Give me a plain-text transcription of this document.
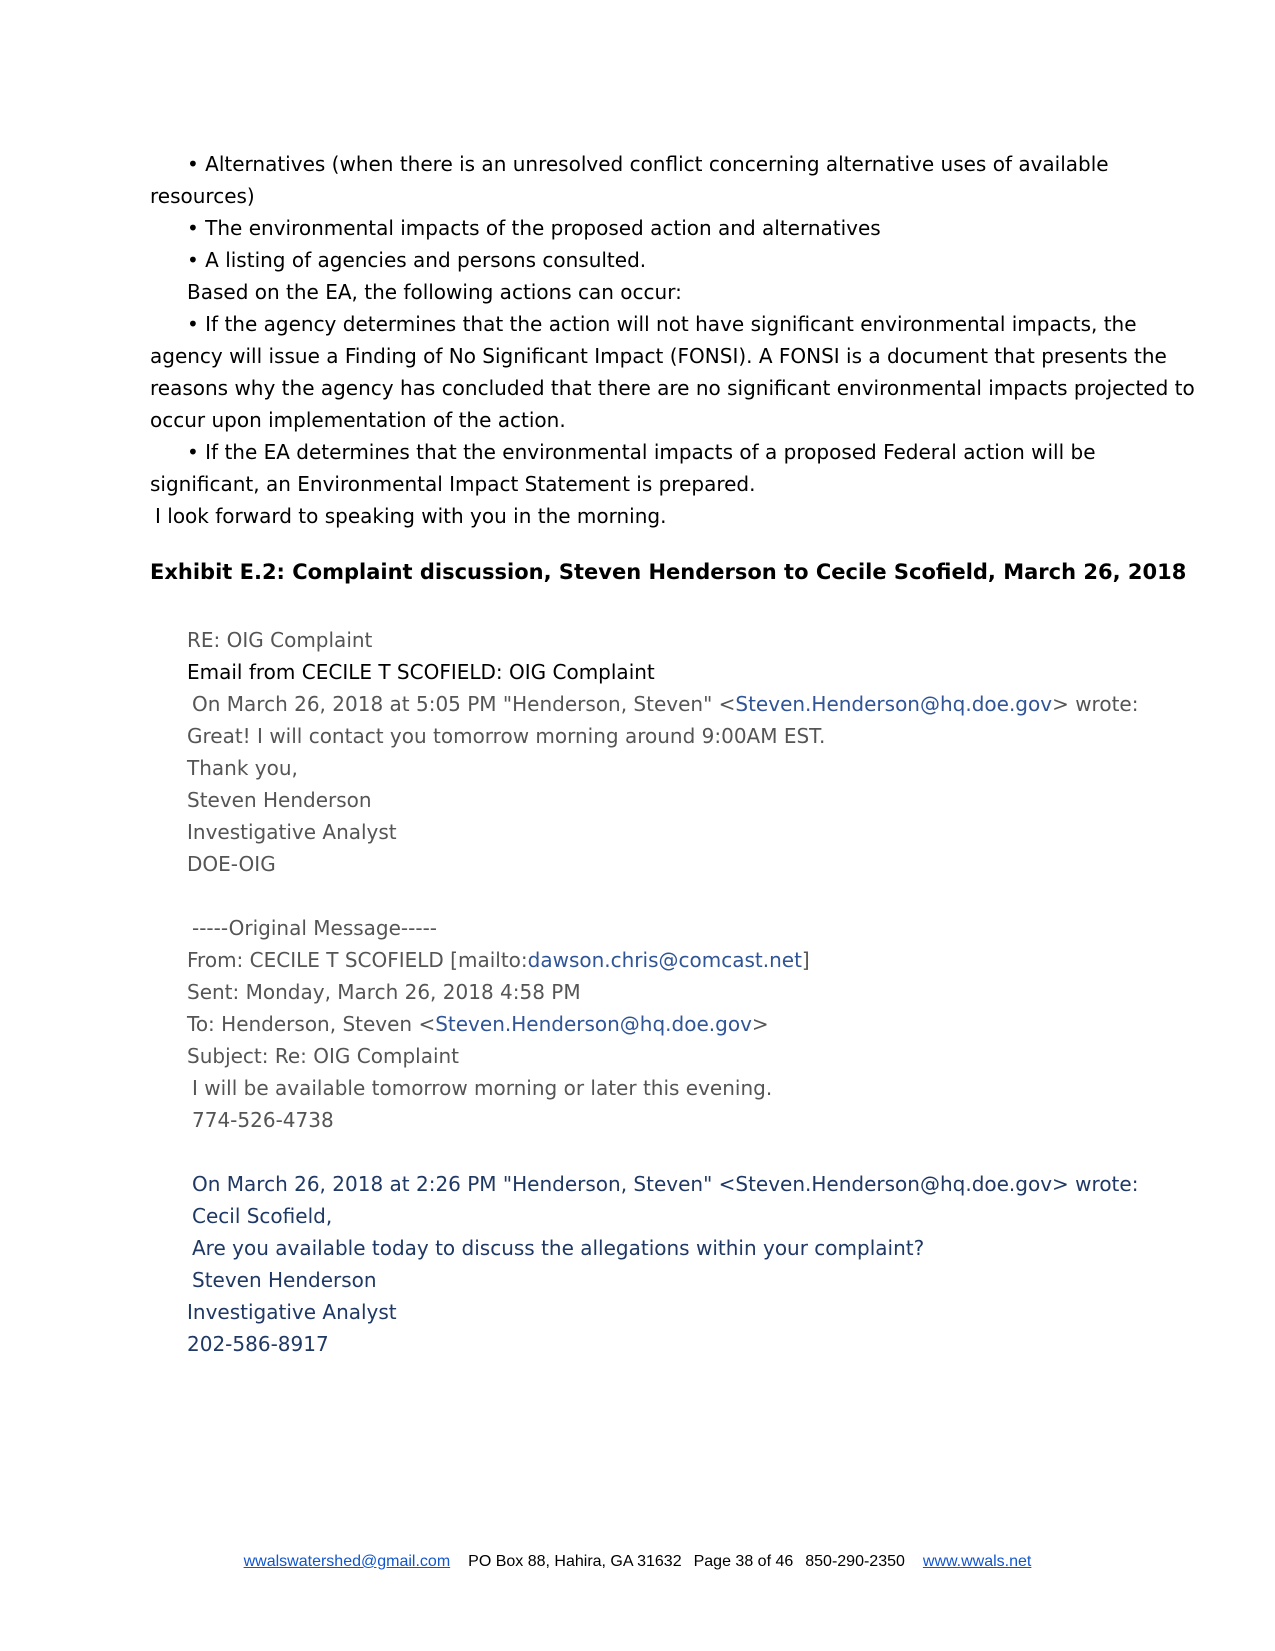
• Alternatives (when there is an unresolved conflict concerning alternative uses of available
resources)
• The environmental impacts of the proposed action and alternatives
• A listing of agencies and persons consulted.
Based on the EA, the following actions can occur:
• If the agency determines that the action will not have significant environmental impacts, the
agency will issue a Finding of No Significant Impact (FONSI). A FONSI is a document that presents the
reasons why the agency has concluded that there are no significant environmental impacts projected to
occur upon implementation of the action.
• If the EA determines that the environmental impacts of a proposed Federal action will be
significant, an Environmental Impact Statement is prepared.
I look forward to speaking with you in the morning.
Exhibit E.2: Complaint discussion, Steven Henderson to Cecile Scofield, March 26, 2018
RE: OIG Complaint
Email from CECILE T SCOFIELD: OIG Complaint
On March 26, 2018 at 5:05 PM "Henderson, Steven" <Steven.Henderson@hq.doe.gov> wrote:
Great! I will contact you tomorrow morning around 9:00AM EST.
Thank you,
Steven Henderson
Investigative Analyst
DOE-OIG
-----Original Message-----
From: CECILE T SCOFIELD [mailto:dawson.chris@comcast.net]
Sent: Monday, March 26, 2018 4:58 PM
To: Henderson, Steven <Steven.Henderson@hq.doe.gov>
Subject: Re: OIG Complaint
I will be available tomorrow morning or later this evening.
774-526-4738
On March 26, 2018 at 2:26 PM "Henderson, Steven" <Steven.Henderson@hq.doe.gov> wrote:
Cecil Scofield,
Are you available today to discuss the allegations within your complaint?
Steven Henderson
Investigative Analyst
202-586-8917
wwalswatershed@gmail.com PO Box 88, Hahira, GA 31632 Page 38 of 46 850-290-2350 www.wwals.net
